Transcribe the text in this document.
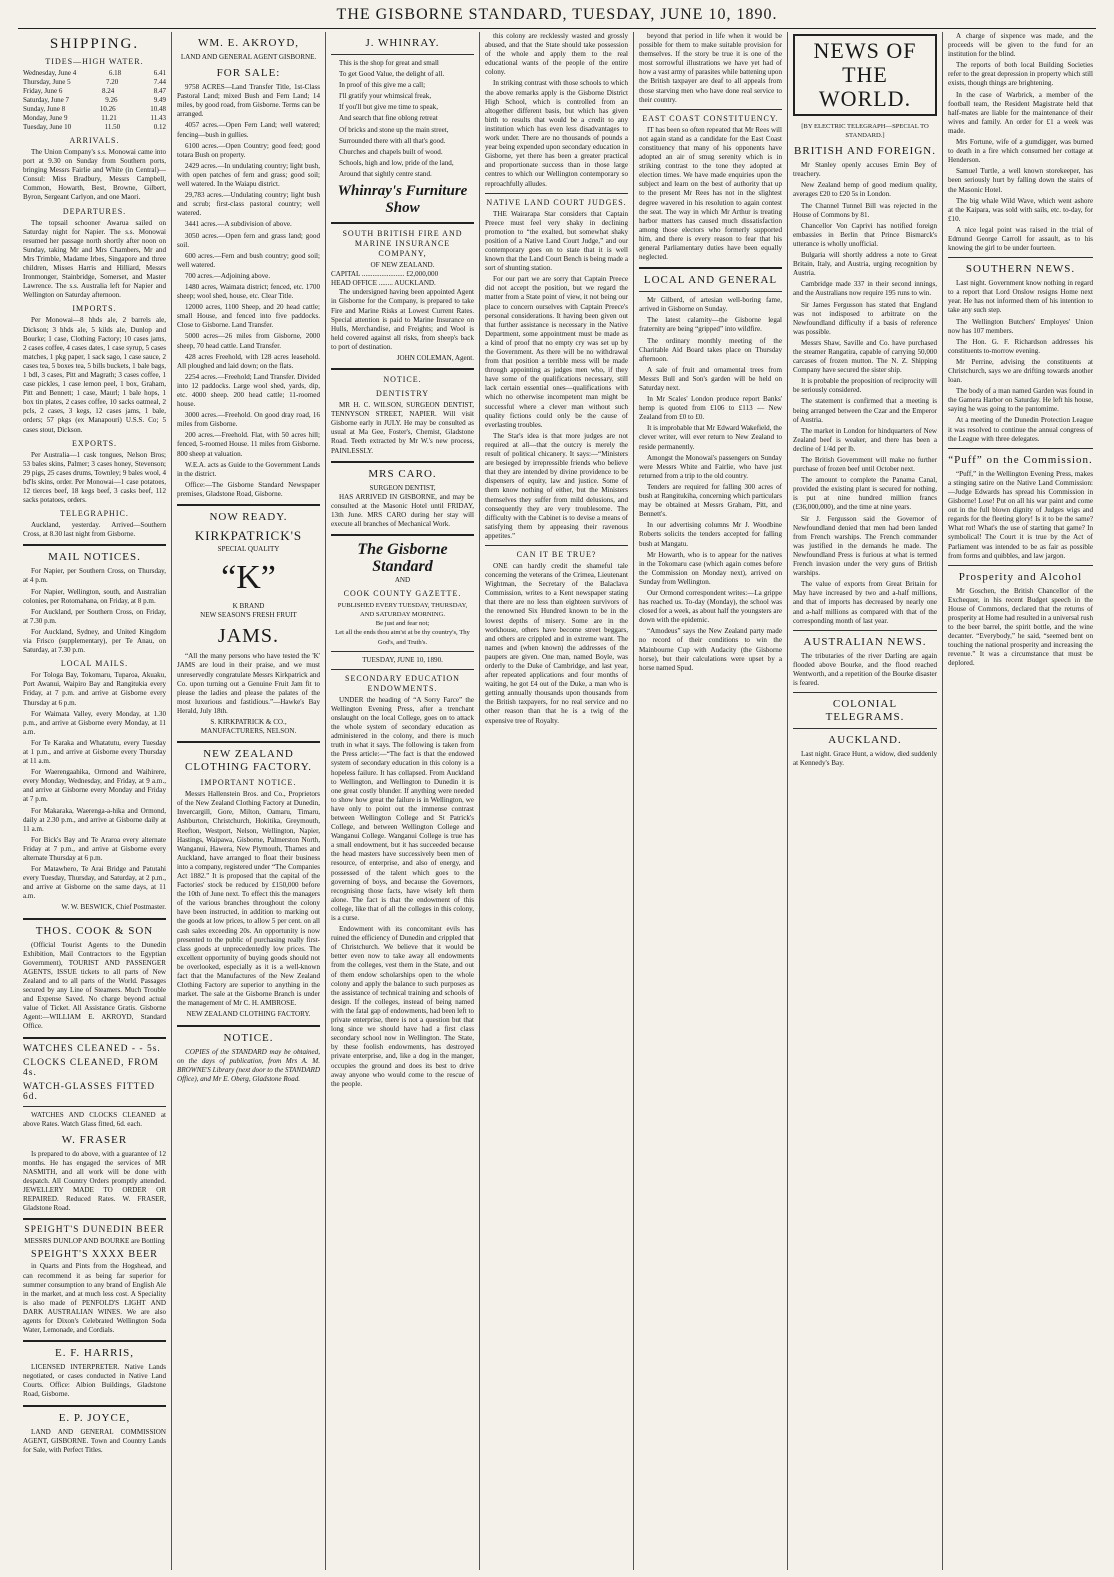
THE GISBORNE STANDARD, TUESDAY, JUNE 10, 1890.
SHIPPING.
TIDES—HIGH WATER.
Wednesday, June 4	6.18	6.41
Thursday, June 5	7.20	7.44
Friday, June 6	8.24	8.47
Saturday, June 7	9.26	9.49
Sunday, June 8	10.26	10.48
Monday, June 9	11.21	11.43
Tuesday, June 10	11.50	0.12
ARRIVALS.

The Union Company's s.s. Monowai came into port at 9.30 on Sunday from Southern ports, bringing Messrs Fairlie and White (in Central)—Consul: Miss Bradbury, Messrs Campbell, Common, Howarth, Best, Browne, Gilbert, Byron, Sergeant Carlyon, and one Maori.

DEPARTURES.

The topsail schooner Awarua sailed on Saturday night for Napier. The s.s. Monowai resumed her passage north shortly after noon on Sunday, taking Mr and Mrs Chambers, Mr and Mrs Trimble, Madame Irbes, Singapore and three children, Misses Harris and Hilliard, Messrs Ironmonger, Stainbridge, Somerset, and Master Lawrence. The s.s. Australia left for Napier and Wellington on Saturday afternoon.

IMPORTS.

Per Monowai—8 hhds ale, 2 barrels ale, Dickson; 3 hhds ale, 5 kilds ale, Dunlop and Bourke; 1 case, Clothing Factory; 10 cases jams, 2 cases coffee, 4 cases dates, 1 case syrup, 5 cases matches, 1 pkg paper, 1 sack sago, 1 case sauce, 2 cases tea, 5 boxes tea, 5 bills buckets, 1 bale bags, 1 bdl, 3 cases, Pitt and Magrath; 3 cases coffee, 1 case pickles, 1 case lemon peel, 1 box, Graham, Pitt and Bennett; 1 case, Maurl; 1 bale hops, 1 box tin plates, 2 cases coffee, 10 sacks oatmeal, 2 pcls, 2 cases, 3 kegs, 12 cases jams, 1 bale, orders; 57 pkgs (ex Manapouri) U.S.S. Co; 5 cases stout, Dickson.

EXPORTS.

Per Australia—1 cask tongues, Nelson Bros; 53 bales skins, Palmer; 3 cases honey, Stevenson; 29 pigs, 25 cases drums, Townley; 9 bales wool, 4 bd'ls skins, order. Per Monowai—1 case potatoes, 12 tierces beef, 18 kegs beef, 3 casks beef, 112 sacks potatoes, orders.

TELEGRAPHIC.

Auckland, yesterday. Arrived—Southern Cross, at 8.30 last night from Gisborne.

MAIL NOTICES.

For Napier, per Southern Cross, on Thursday, at 4 p.m.

For Napier, Wellington, south, and Australian colonies, per Rotomahana, on Friday, at 8 p.m.

For Auckland, per Southern Cross, on Friday, at 7.30 p.m.

For Auckland, Sydney, and United Kingdom via Frisco (supplementary), per Te Anau, on Saturday, at 7.30 p.m.

LOCAL MAILS.

For Tologa Bay, Tokomaru, Tuparoa, Akuaku, Port Awanui, Waipiro Bay and Rangitukia every Friday, at 7 p.m. and arrive at Gisborne every Thursday at 6 p.m.

For Waimata Valley, every Monday, at 1.30 p.m., and arrive at Gisborne every Monday, at 11 a.m.

For Te Karaka and Whatatutu, every Tuesday at 1 p.m., and arrive at Gisborne every Thursday at 11 a.m.

For Waerengaahika, Ormond and Waihirere, every Monday, Wednesday, and Friday, at 9 a.m., and arrive at Gisborne every Monday and Friday at 7 p.m.

For Makaraka, Waerenga-a-hika and Ormond, daily at 2.30 p.m., and arrive at Gisborne daily at 11 a.m.

For Bick's Bay and Te Araroa every alternate Friday at 7 p.m., and arrive at Gisborne every alternate Thursday at 6 p.m.

For Matawhero, Te Arai Bridge and Patutahi every Tuesday, Thursday, and Saturday, at 2 p.m., and arrive at Gisborne on the same days, at 11 a.m.

W. W. BESWICK, Chief Postmaster.
THOS. COOK & SON

(Official Tourist Agents to the Dunedin Exhibition, Mail Contractors to the Egyptian Government), TOURIST AND PASSENGER AGENTS, ISSUE tickets to all parts of New Zealand and to all parts of the World. Passages secured by any Line of Steamers. Much Trouble and Expense Saved. No charge beyond actual value of Ticket. All Assistance Gratis. Gisborne Agent:—WILLIAM E. AKROYD, Standard Office.

WATCHES CLEANED - - 5s.
CLOCKS CLEANED, FROM 4s.
WATCH-GLASSES FITTED 6d.

WATCHES AND CLOCKS CLEANED at above Rates. Watch Glass fitted, 6d. each.

W. FRASER

Is prepared to do above, with a guarantee of 12 months. He has engaged the services of MR NASMITH, and all work will be done with despatch. All Country Orders promptly attended. JEWELLERY MADE TO ORDER OR REPAIRED. Reduced Rates. W. FRASER, Gladstone Road.

SPEIGHT'S DUNEDIN BEER
MESSRS DUNLOP AND BOURKE are Bottling
SPEIGHT'S XXXX BEER

in Quarts and Pints from the Hogshead, and can recommend it as being far superior for summer consumption to any brand of English Ale in the market, and at much less cost. A Speciality is also made of PENFOLD'S LIGHT AND DARK AUSTRALIAN WINES. We are also agents for Dixon's Celebrated Wellington Soda Water, Lemonade, and Cordials.

E. F. HARRIS,

LICENSED INTERPRETER. Native Lands negotiated, or cases conducted in Native Land Courts. Office: Albion Buildings, Gladstone Road, Gisborne.

E. P. JOYCE,

LAND AND GENERAL COMMISSION AGENT, GISBORNE. Town and Country Lands for Sale, with Perfect Titles.

WM. E. AKROYD,
LAND AND GENERAL AGENT GISBORNE.
FOR SALE:

9758 ACRES—Land Transfer Title, 1st-Class Pastoral Land; mixed Bush and Fern Land; 14 miles, by good road, from Gisborne. Terms can be arranged.

4057 acres.—Open Fern Land; well watered; fencing—bush in gullies.

6100 acres.—Open Country; good feed; good totara Bush on property.

2429 acres.—In undulating country; light bush, with open patches of fern and grass; good soil; well watered. In the Waiapu district.

29,783 acres.—Undulating country; light bush and scrub; first-class pastoral country; well watered.

3441 acres.—A subdivision of above.

3050 acres.—Open fern and grass land; good soil.

600 acres.—Fern and bush country; good soil; well watered.

700 acres.—Adjoining above.

1480 acres, Waimata district; fenced, etc. 1700 sheep; wool shed, house, etc. Clear Title.

12000 acres, 1100 Sheep, and 20 head cattle; small House, and fenced into five paddocks. Close to Gisborne. Land Transfer.

5000 acres—26 miles from Gisborne, 2000 sheep, 70 head cattle. Land Transfer.

428 acres Freehold, with 128 acres leasehold. All ploughed and laid down; on the flats.

2254 acres.—Freehold; Land Transfer. Divided into 12 paddocks. Large wool shed, yards, dip, etc. 4000 sheep. 200 head cattle; 11-roomed house.

3000 acres.—Freehold. On good dray road, 16 miles from Gisborne.

200 acres.—Freehold. Flat, with 50 acres hill; fenced, 5-roomed House. 11 miles from Gisborne. 800 sheep at valuation.

W.E.A. acts as Guide to the Government Lands in the district.

Office:—The Gisborne Standard Newspaper premises, Gladstone Road, Gisborne.

NOW READY.
KIRKPATRICK'S
SPECIAL QUALITY
“K”
K BRAND
NEW SEASON'S FRESH FRUIT
JAMS.

“All the many persons who have tested the 'K' JAMS are loud in their praise, and we must unreservedly congratulate Messrs Kirkpatrick and Co. upon turning out a Genuine Fruit Jam fit to please the ladies and please the palates of the most luxurious and fastidious.”—Hawke's Bay Herald, July 18th.

S. KIRKPATRICK & CO.,
MANUFACTURERS, NELSON.
NEW ZEALAND CLOTHING FACTORY.
IMPORTANT NOTICE.

Messrs Hallenstein Bros. and Co., Proprietors of the New Zealand Clothing Factory at Dunedin, Invercargill, Gore, Milton, Oamaru, Timaru, Ashburton, Christchurch, Hokitika, Greymouth, Reefton, Westport, Nelson, Wellington, Napier, Hastings, Waipawa, Gisborne, Palmerston North, Wanganui, Hawera, New Plymouth, Thames and Auckland, have arranged to float their business into a company, registered under “The Companies Act 1882.” It is proposed that the capital of the Factories' stock be reduced by £150,000 before the 10th of June next. To effect this the managers of the various branches throughout the colony have been instructed, in addition to marking out the goods at low prices, to allow 5 per cent. on all cash sales exceeding 20s. An opportunity is now presented to the public of purchasing really first-class goods at unprecedentedly low prices. The excellent opportunity of buying goods should not be overlooked, especially as it is a well-known fact that the Manufactures of the New Zealand Clothing Factory are superior to anything in the market. The sale at the Gisborne Branch is under the management of Mr C. H. AMBROSE.

NEW ZEALAND CLOTHING FACTORY.
NOTICE.

COPIES of the STANDARD may be obtained, on the days of publication, from Mrs A. M. BROWNE'S Library (next door to the STANDARD Office), and Mr E. Oberg, Gladstone Road.

J. WHINRAY.

This is the shop for great and small

To get Good Value, the delight of all.

In proof of this give me a call;

I'll gratify your whimsical freak,

If you'll but give me time to speak,

And search that fine oblong retreat

Of bricks and stone up the main street,

Surrounded there with all that's good.

Churches and chapels built of wood.

Schools, high and low, pride of the land,

Around that sightly centre stand.

Whinray's Furniture Show
SOUTH BRITISH FIRE AND MARINE INSURANCE COMPANY,
OF NEW ZEALAND.
CAPITAL ........................ £2,000,000
HEAD OFFICE ........ AUCKLAND.

The undersigned having been appointed Agent in Gisborne for the Company, is prepared to take Fire and Marine Risks at Lowest Current Rates. Special attention is paid to Marine Insurance on Hulls, Merchandise, and Freights; and Wool is held covered against all risks, from sheep's back to port of destination.

JOHN COLEMAN, Agent.
NOTICE.
DENTISTRY

MR H. C. WILSON, SURGEON DENTIST, TENNYSON STREET, NAPIER. Will visit Gisborne early in JULY. He may be consulted as usual at Ma Gee, Foster's, Chemist, Gladstone Road. Teeth extracted by Mr W.'s new process, PAINLESSLY.

MRS CARO.
SURGEON DENTIST,

HAS ARRIVED IN GISBORNE, and may be consulted at the Masonic Hotel until FRIDAY, 13th June. MRS CARO during her stay will execute all branches of Mechanical Work.

The Gisborne Standard
AND
COOK COUNTY GAZETTE.
PUBLISHED EVERY TUESDAY, THURSDAY, AND SATURDAY MORNING.
Be just and fear not;
Let all the ends thou aim'st at be thy country's, Thy God's, and Truth's.
TUESDAY, JUNE 10, 1890.
SECONDARY EDUCATION ENDOWMENTS.

UNDER the heading of “A Sorry Farce” the Wellington Evening Press, after a trenchant onslaught on the local College, goes on to attack the whole system of secondary education as administered in the colony, and there is much truth in what it says. The following is taken from the Press article:—“The fact is that the endowed system of secondary education in this colony is a hopeless failure. It has collapsed. From Auckland to Wellington, and Wellington to Dunedin it is one great costly blunder. If anything were needed to show how great the failure is in Wellington, we have only to point out the immense contrast between Wellington College and St Patrick's College, and between Wellington College and Wanganui College. Wanganui College is true has a small endowment, but it has succeeded because the head masters have successively been men of resource, of enterprise, and also of energy, and possessed of the talent which goes to the governing of boys, and because the Governors, recognising those facts, have wisely left them alone. The fact is that the endowment of this college, like that of all the colleges in this colony, is a curse.

Endowment with its concomitant evils has ruined the efficiency of Dunedin and crippled that of Christchurch. We believe that it would be better even now to take away all endowments from the colleges, vest them in the State, and out of them endow scholarships open to the whole colony and apply the balance to such purposes as the assistance of technical training and schools of design. If the colleges, instead of being named with the fatal gap of endowments, had been left to private enterprise, there is not a question but that long since we should have had a first class secondary school now in Wellington. The State, by these foolish endowments, has destroyed private enterprise, and, like a dog in the manger, occupies the ground and does its best to drive away anyone who would come to the rescue of the people.

this colony are recklessly wasted and grossly abused, and that the State should take possession of the whole and apply them to the real educational wants of the people of the entire colony.

In striking contrast with those schools to which the above remarks apply is the Gisborne District High School, which is controlled from an altogether different basis, but which has given birth to results that would be a credit to any institution which has even less disadvantages to work under. There are no thousands of pounds a year being expended upon secondary education in Gisborne, yet there has been a greater practical and proportionate success than in those large centres to which our Wellington contemporary so reproachfully alludes.

NATIVE LAND COURT JUDGES.

THE Wairarapa Star considers that Captain Preece must feel very shaky in declining promotion to “the exalted, but somewhat shaky position of a Native Land Court Judge,” and our contemporary goes on to state that it is well known that the Land Court Bench is being made a sort of shunting station.

For our part we are sorry that Captain Preece did not accept the position, but we regard the matter from a State point of view, it not being our place to concern ourselves with Captain Preece's personal considerations. It having been given out that further assistance is necessary in the Native Department, some appointment must be made as a kind of proof that no empty cry was set up by the Government. As there will be no withdrawal from that position a terrible mess will be made through appointing as judges men who, if they have some of the qualifications necessary, still lack certain essential ones—qualifications with which no otherwise incompetent man might be successful where a clever man without such quality fictions could only be the cause of everlasting troubles.

The Star's idea is that more judges are not required at all—that the outcry is merely the result of political chicanery. It says:—“Ministers are besieged by irrepressible friends who believe that they are intended by divine providence to be dispensers of equity, law and justice. Some of them know nothing of either, but the Ministers themselves they suffer from mild delusions, and consequently they are very troublesome. The difficulty with the Cabinet is to devise a means of satisfying them by appeasing their ravenous appetites.”

CAN IT BE TRUE?

ONE can hardly credit the shameful tale concerning the veterans of the Crimea, Lieutenant Wightman, the Secretary of the Balaclava Commission, writes to a Kent newspaper stating that there are no less than eighteen survivors of the renowned Six Hundred known to be in the lowest depths of misery. Some are in the workhouse, others have become street beggars, and others are crippled and in extreme want. The names and (when known) the addresses of the paupers are given. One man, named Boyle, was orderly to the Duke of Cambridge, and last year, after repeated applications and four months of waiting, he got £4 out of the Duke, a man who is getting annually thousands upon thousands from the British taxpayers, for no real service and no other reason than that he is a twig of the expensive tree of Royalty.

beyond that period in life when it would be possible for them to make suitable provision for themselves. If the story be true it is one of the most sorrowful illustrations we have yet had of how a vast army of parasites while battening upon the British taxpayer are deaf to all appeals from those starving men who have done real service to their country.

EAST COAST CONSTITUENCY.

IT has been so often repeated that Mr Rees will not again stand as a candidate for the East Coast constituency that many of his opponents have adopted an air of smug serenity which is in striking contrast to the tone they adopted at election times. We have made enquiries upon the subject and learn on the best of authority that up to the present Mr Rees has not in the slightest degree wavered in his resolution to again contest the seat. The way in which Mr Arthur is treating harbor matters has caused much dissatisfaction among those electors who formerly supported him, and there is every reason to fear that his general Parliamentary duties have been equally neglected.

LOCAL AND GENERAL

Mr Gilberd, of artesian well-boring fame, arrived in Gisborne on Sunday.

The latest calamity—the Gisborne legal fraternity are being “gripped” into wildfire.

The ordinary monthly meeting of the Charitable Aid Board takes place on Thursday afternoon.

A sale of fruit and ornamental trees from Messrs Bull and Son's garden will be held on Saturday next.

In Mr Scales' London produce report Banks' hemp is quoted from £106 to £113 — New Zealand from £0 to £0.

It is improbable that Mr Edward Wakefield, the clever writer, will ever return to New Zealand to reside permanently.

Amongst the Monowai's passengers on Sunday were Messrs White and Fairlie, who have just returned from a trip to the old country.

Tenders are required for falling 300 acres of bush at Rangitukiha, concerning which particulars may be obtained at Messrs Graham, Pitt, and Bennett's.

In our advertising columns Mr J. Woodbine Roberts solicits the tenders accepted for falling bush at Mangatu.

Mr Howarth, who is to appear for the natives in the Tokomaru case (which again comes before the Commission on Monday next), arrived on Sunday from Wellington.

Our Ormond correspondent writes:—La grippe has reached us. To-day (Monday), the school was closed for a week, as about half the youngsters are down with the epidemic.

“Amodeus” says the New Zealand party made no record of their conditions to win the Mainbourne Cup with Audacity (the Gisborne horse), but their calculations were upset by a horse named Spud.

NEWS OF THE WORLD.
[BY ELECTRIC TELEGRAPH—SPECIAL TO STANDARD.]
BRITISH AND FOREIGN.

Mr Stanley openly accuses Emin Bey of treachery.

New Zealand hemp of good medium quality, averages £20 to £20 5s in London.

The Channel Tunnel Bill was rejected in the House of Commons by 81.

Chancellor Von Caprivi has notified foreign embassies in Berlin that Prince Bismarck's utterance is wholly unofficial.

Bulgaria will shortly address a note to Great Britain, Italy, and Austria, urging recognition by Austria.

Cambridge made 337 in their second innings, and the Australians now require 195 runs to win.

Sir James Fergusson has stated that England was not indisposed to arbitrate on the Newfoundland difficulty if a basis of reference was possible.

Messrs Shaw, Saville and Co. have purchased the steamer Rangatira, capable of carrying 50,000 carcases of frozen mutton. The N. Z. Shipping Company have secured the sister ship.

It is probable the proposition of reciprocity will be seriously considered.

The statement is confirmed that a meeting is being arranged between the Czar and the Emperor of Austria.

The market in London for hindquarters of New Zealand beef is weaker, and there has been a decline of 1/4d per lb.

The British Government will make no further purchase of frozen beef until October next.

The amount to complete the Panama Canal, provided the existing plant is secured for nothing, is put at nine hundred million francs (£36,000,000), and the time at nine years.

Sir J. Fergusson said the Governor of Newfoundland denied that men had been landed from French warships. The French commander was justified in the demands he made. The Newfoundland Press is furious at what is termed French invasion under the very guns of British warships.

The value of exports from Great Britain for May have increased by two and a-half millions, and that of imports has decreased by nearly one and a-half millions as compared with that of the corresponding month of last year.

AUSTRALIAN NEWS.

The tributaries of the river Darling are again flooded above Bourke, and the flood reached Wentworth, and a repetition of the Bourke disaster is feared.

COLONIAL TELEGRAMS.
AUCKLAND.

Last night. Grace Hunt, a widow, died suddenly at Kennedy's Bay.

A charge of sixpence was made, and the proceeds will be given to the fund for an institution for the blind.

The reports of both local Building Societies refer to the great depression in property which still exists, though things are brightening.

In the case of Warbrick, a member of the football team, the Resident Magistrate held that half-mates are liable for the maintenance of their wives and family. An order for £1 a week was made.

Mrs Fortune, wife of a gumdigger, was burned to death in a fire which consumed her cottage at Henderson.

Samuel Turtle, a well known storekeeper, has been seriously hurt by falling down the stairs of the Masonic Hotel.

The big whale Wild Wave, which went ashore at the Kaipara, was sold with sails, etc. to-day, for £10.

A nice legal point was raised in the trial of Edmund George Carroll for assault, as to his knowing the girl to be under fourteen.

SOUTHERN NEWS.

Last night. Government know nothing in regard to a report that Lord Onslow resigns Home next year. He has not informed them of his intention to take any such step.

The Wellington Butchers' Employes' Union now has 107 members.

The Hon. G. F. Richardson addresses his constituents to-morrow evening.

Mr Perrine, advising the constituents at Christchurch, says we are drifting towards another loan.

The body of a man named Garden was found in the Gamera Harbor on Saturday. He left his house, saying he was going to the pantomime.

At a meeting of the Dunedin Protection League it was resolved to continue the annual congress of the League with three delegates.

“Puff” on the Commission.

“Puff,” in the Wellington Evening Press, makes a stinging satire on the Native Land Commission:—Judge Edwards has spread his Commission in Gisborne! Lose! Put on all his war paint and come out in the full blown dignity of Judges wigs and regards for the fleeting glory! Is it to be the same? What rot! What's the use of starting that game? In symbolical! The Court it is true by the Act of Parliament was intended to be as fair as possible from forms and quibbles, and law jargon.

Prosperity and Alcohol

Mr Goschen, the British Chancellor of the Exchequer, in his recent Budget speech in the House of Commons, declared that the returns of prosperity at Home had resulted in a universal rush to the beer barrel, the spirit bottle, and the wine decanter. “Everybody,” he said, “seemed bent on touching the national prosperity and increasing the revenue.” It was a circumstance that must be deplored.
